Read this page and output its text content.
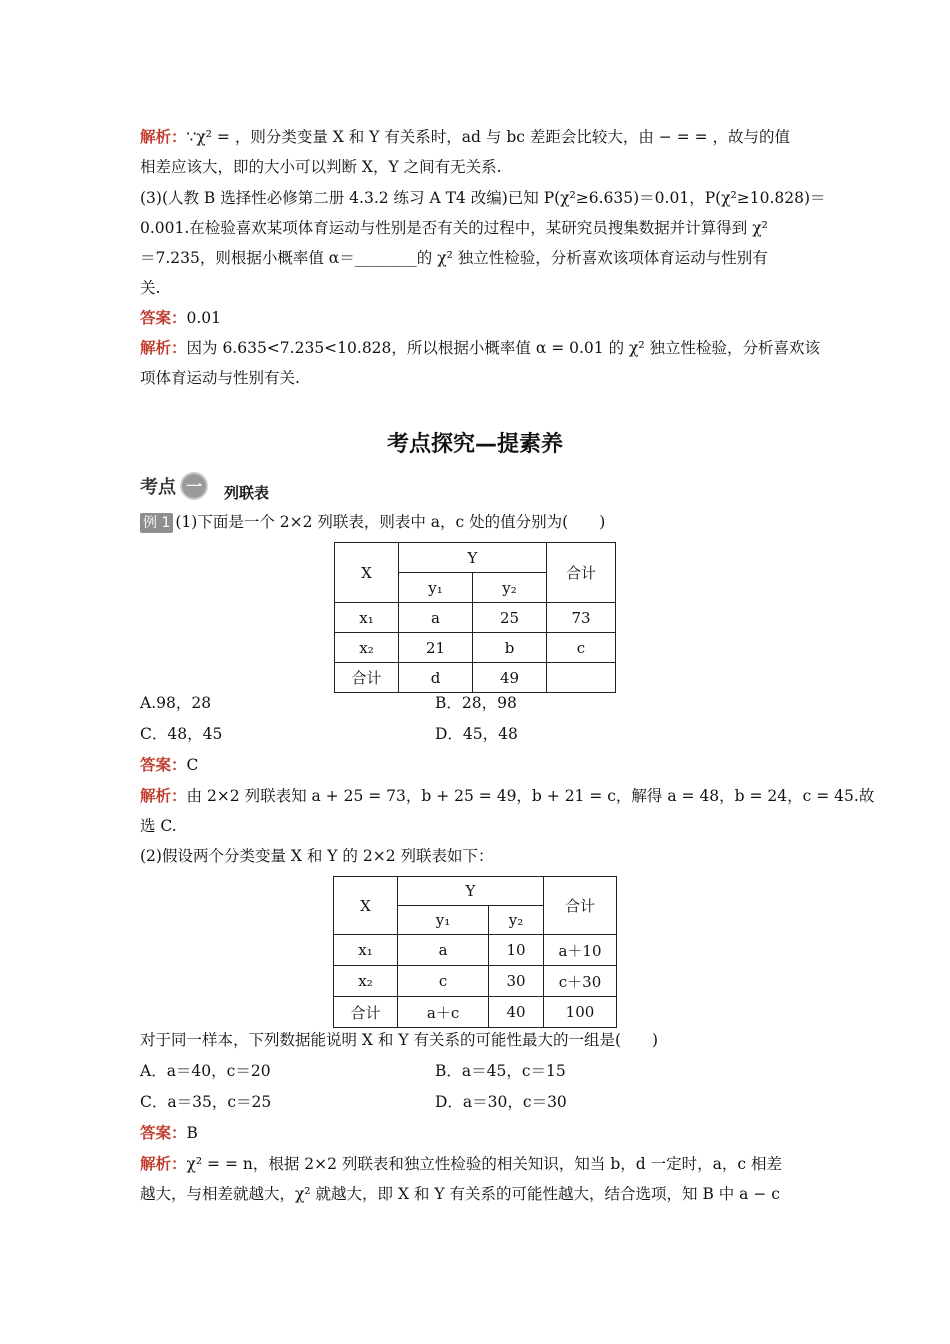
解析：∵χ² = ，则分类变量 X 和 Y 有关系时，ad 与 bc 差距会比较大，由 − = = ，故与的值
相差应该大，即的大小可以判断 X，Y 之间有无关系.
(3)(人教 B 选择性必修第二册 4.3.2 练习 A T4 改编)已知 P(χ²≥6.635)＝0.01，P(χ²≥10.828)＝
0.001.在检验喜欢某项体育运动与性别是否有关的过程中，某研究员搜集数据并计算得到 χ²
＝7.235，则根据小概率值 α＝________的 χ² 独立性检验，分析喜欢该项体育运动与性别有
关.
答案：0.01
解析：因为 6.635<7.235<10.828，所以根据小概率值 α = 0.01 的 χ² 独立性检验，分析喜欢该
项体育运动与性别有关.
考点探究—提素养
考点 一	列联表
例 1 (1)下面是一个 2×2 列联表，则表中 a，c 处的值分别为(　　)
X	Y		合计
	y₁	y₂	
x₁	a	25	73
x₂	21	b	c
合计	d	49	
A.98，28	B．28，98
C．48，45	D．45，48
答案：C
解析：由 2×2 列联表知 a + 25 = 73，b + 25 = 49，b + 21 = c，解得 a = 48，b = 24，c = 45.故
选 C.
(2)假设两个分类变量 X 和 Y 的 2×2 列联表如下：
X	Y		合计
	y₁	y₂	
x₁	a	10	a＋10
x₂	c	30	c＋30
合计	a＋c	40	100
对于同一样本，下列数据能说明 X 和 Y 有关系的可能性最大的一组是(　　)
A．a＝40，c＝20	B．a＝45，c＝15
C．a＝35，c＝25	D．a＝30，c＝30
答案：B
解析：χ² = = n，根据 2×2 列联表和独立性检验的相关知识，知当 b，d 一定时，a，c 相差
越大，与相差就越大，χ² 就越大，即 X 和 Y 有关系的可能性越大，结合选项，知 B 中 a − c
